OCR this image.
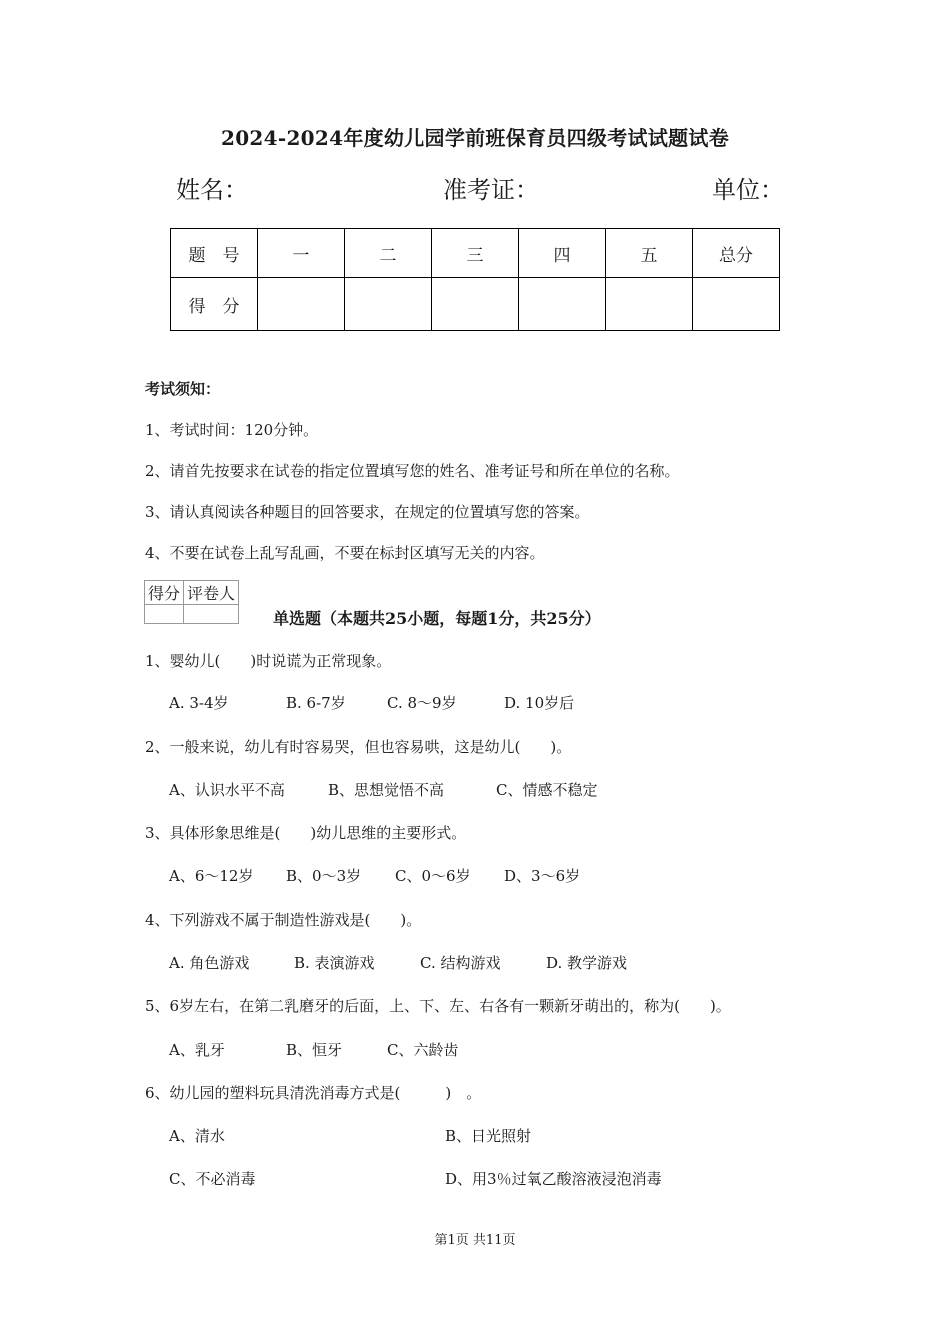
2024-2024年度幼儿园学前班保育员四级考试试题试卷
姓名：	准考证：	单位：
题　号	一	二	三	四	五	总分
得　分						
考试须知：
1、考试时间：120分钟。
2、请首先按要求在试卷的指定位置填写您的姓名、准考证号和所在单位的名称。
3、请认真阅读各种题目的回答要求，在规定的位置填写您的答案。
4、不要在试卷上乱写乱画，不要在标封区填写无关的内容。
得分	评卷人

单选题（本题共25小题，每题1分，共25分）
1、婴幼儿(　　)时说谎为正常现象。
A. 3-4岁	B. 6-7岁	C. 8～9岁	D. 10岁后
2、一般来说，幼儿有时容易哭，但也容易哄，这是幼儿(　　)。
A、认识水平不高	B、思想觉悟不高	C、情感不稳定
3、具体形象思维是(　　)幼儿思维的主要形式。
A、6～12岁 B、0～3岁 C、0～6岁 D、3～6岁
4、下列游戏不属于制造性游戏是(　　)。
A. 角色游戏	B. 表演游戏	C. 结构游戏	D. 教学游戏
5、6岁左右，在第二乳磨牙的后面，上、下、左、右各有一颗新牙萌出的，称为(　　)。
A、乳牙	B、恒牙	C、六龄齿
6、幼儿园的塑料玩具清洗消毒方式是(　　　)　。
A、清水	B、日光照射
C、不必消毒	D、用3％过氧乙酸溶液浸泡消毒
第1页 共11页
